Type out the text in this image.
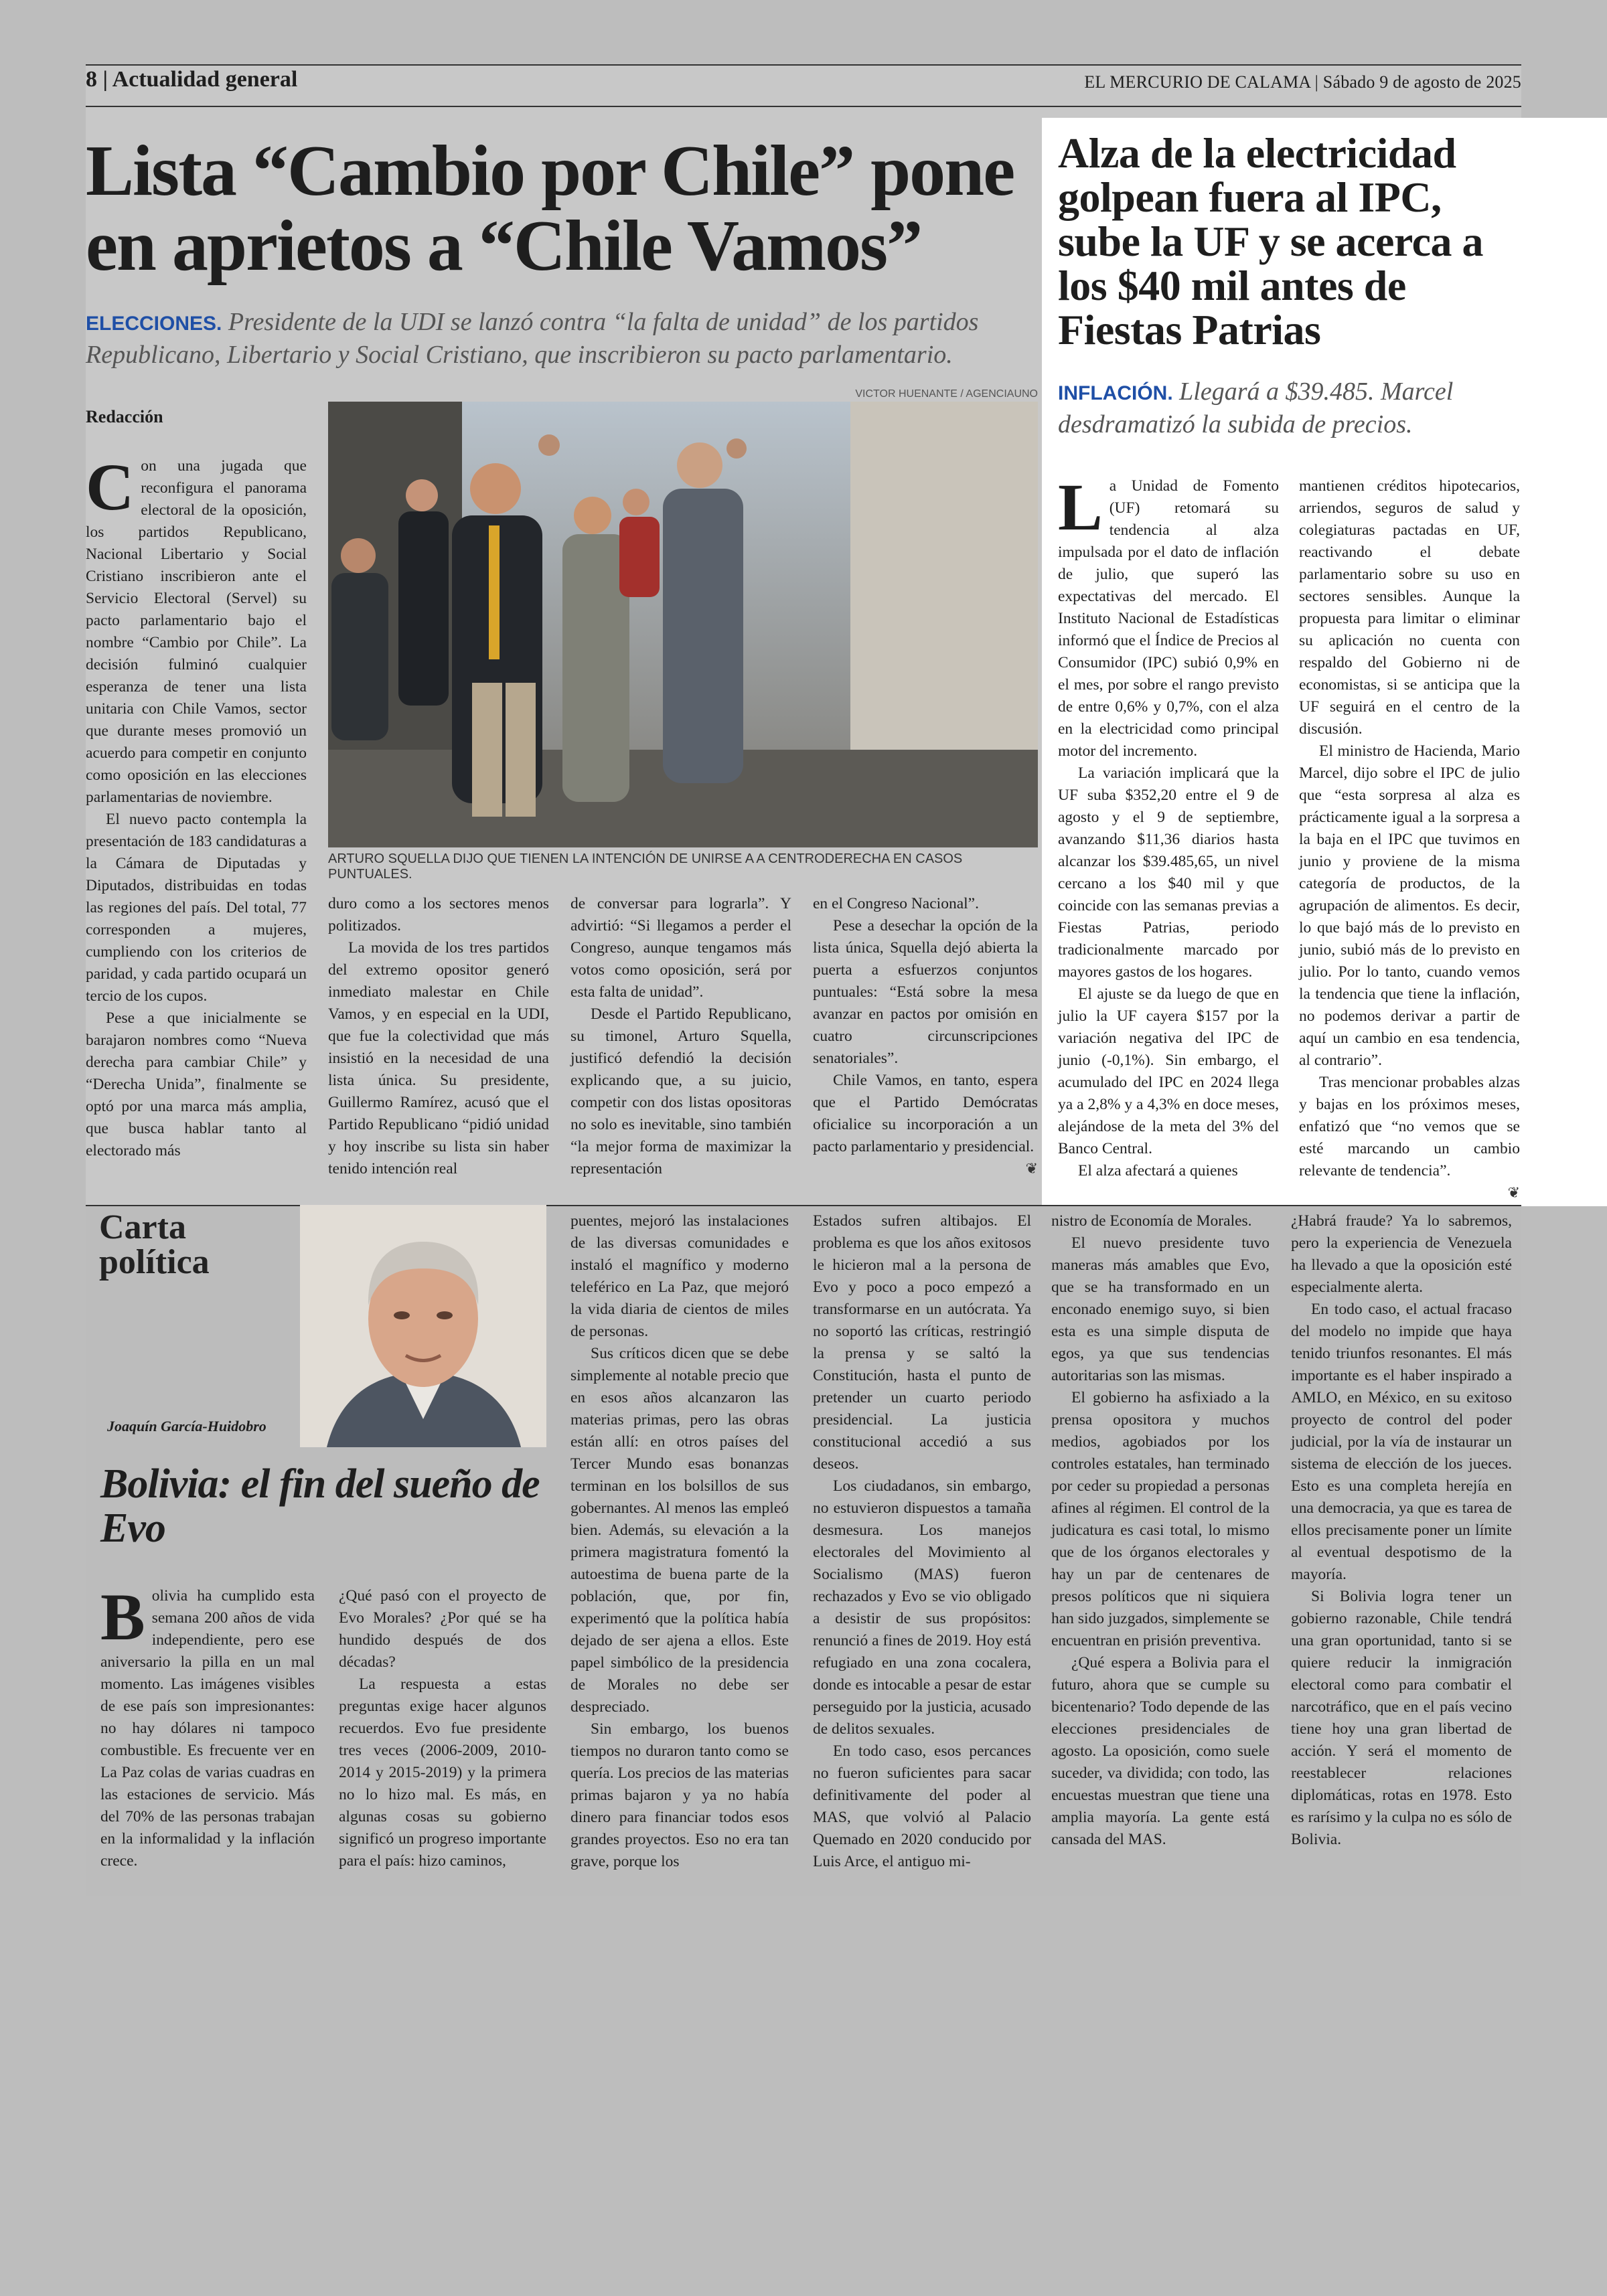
8 | Actualidad general	EL MERCURIO DE CALAMA | Sábado 9 de agosto de 2025
Lista “Cambio por Chile” pone en aprietos a “Chile Vamos”
ELECCIONES. Presidente de la UDI se lanzó contra “la falta de unidad” de los partidos Republicano, Libertario y Social Cristiano, que inscribieron su pacto parlamentario.
Redacción
VICTOR HUENANTE / AGENCIAUNO
ARTURO SQUELLA DIJO QUE TIENEN LA INTENCIÓN DE UNIRSE A A CENTRODERECHA EN CASOS PUNTUALES.
C on una jugada que reconfigura el panorama electoral de la oposición, los partidos Republicano, Nacional Libertario y Social Cristiano inscribieron ante el Servicio Electoral (Servel) su pacto parlamentario bajo el nombre “Cambio por Chile”. La decisión fulminó cualquier esperanza de tener una lista unitaria con Chile Vamos, sector que durante meses promovió un acuerdo para competir en conjunto como oposición en las elecciones parlamentarias de noviembre.

El nuevo pacto contempla la presentación de 183 candidaturas a la Cámara de Diputadas y Diputados, distribuidas en todas las regiones del país. Del total, 77 corresponden a mujeres, cumpliendo con los criterios de paridad, y cada partido ocupará un tercio de los cupos.

Pese a que inicialmente se barajaron nombres como “Nueva derecha para cambiar Chile” y “Derecha Unida”, finalmente se optó por una marca más amplia, que busca hablar tanto al electorado más

duro como a los sectores menos politizados.

La movida de los tres partidos del extremo opositor generó inmediato malestar en Chile Vamos, y en especial en la UDI, que fue la colectividad que más insistió en la necesidad de una lista única. Su presidente, Guillermo Ramírez, acusó que el Partido Republicano “pidió unidad y hoy inscribe su lista sin haber tenido intención real

de conversar para lograrla”. Y advirtió: “Si llegamos a perder el Congreso, aunque tengamos más votos como oposición, será por esta falta de unidad”.

Desde el Partido Republicano, su timonel, Arturo Squella, justificó defendió la decisión explicando que, a su juicio, competir con dos listas opositoras no solo es inevitable, sino también “la mejor forma de maximizar la representación

en el Congreso Nacional”.

Pese a desechar la opción de la lista única, Squella dejó abierta la puerta a esfuerzos conjuntos puntuales: “Está sobre la mesa avanzar en pactos por omisión en cuatro circunscripciones senatoriales”.

Chile Vamos, en tanto, espera que el Partido Demócratas oficialice su incorporación a un pacto parlamentario y presidencial.

❦
Alza de la electricidad golpean fuera al IPC, sube la UF y se acerca a los $40 mil antes de Fiestas Patrias
INFLACIÓN. Llegará a $39.485. Marcel desdramatizó la subida de precios.
L a Unidad de Fomento (UF) retomará su tendencia al alza impulsada por el dato de inflación de julio, que superó las expectativas del mercado. El Instituto Nacional de Estadísticas informó que el Índice de Precios al Consumidor (IPC) subió 0,9% en el mes, por sobre el rango previsto de entre 0,6% y 0,7%, con el alza en la electricidad como principal motor del incremento.

La variación implicará que la UF suba $352,20 entre el 9 de agosto y el 9 de septiembre, avanzando $11,36 diarios hasta alcanzar los $39.485,65, un nivel cercano a los $40 mil y que coincide con las semanas previas a Fiestas Patrias, periodo tradicionalmente marcado por mayores gastos de los hogares.

El ajuste se da luego de que en julio la UF cayera $157 por la variación negativa del IPC de junio (-0,1%). Sin embargo, el acumulado del IPC en 2024 llega ya a 2,8% y a 4,3% en doce meses, alejándose de la meta del 3% del Banco Central.

El alza afectará a quienes

mantienen créditos hipotecarios, arriendos, seguros de salud y colegiaturas pactadas en UF, reactivando el debate parlamentario sobre su uso en sectores sensibles. Aunque la propuesta para limitar o eliminar su aplicación no cuenta con respaldo del Gobierno ni de economistas, si se anticipa que la UF seguirá en el centro de la discusión.

El ministro de Hacienda, Mario Marcel, dijo sobre el IPC de julio que “esta sorpresa al alza es prácticamente igual a la sorpresa a la baja en el IPC que tuvimos en junio y proviene de la misma categoría de productos, de la agrupación de alimentos. Es decir, lo que bajó más de lo previsto en junio, subió más de lo previsto en julio. Por lo tanto, cuando vemos la tendencia que tiene la inflación, no podemos derivar a partir de aquí un cambio en esa tendencia, al contrario”.

Tras mencionar probables alzas y bajas en los próximos meses, enfatizó que “no vemos que se esté marcando un cambio relevante de tendencia”.

❦
Carta política
Joaquín García-Huidobro
Bolivia: el fin del sueño de Evo
B olivia ha cumplido esta semana 200 años de vida independiente, pero ese aniversario la pilla en un mal momento. Las imágenes visibles de ese país son impresionantes: no hay dólares ni tampoco combustible. Es frecuente ver en La Paz colas de varias cuadras en las estaciones de servicio. Más del 70% de las personas trabajan en la informalidad y la inflación crece.

¿Qué pasó con el proyecto de Evo Morales? ¿Por qué se ha hundido después de dos décadas?

La respuesta a estas preguntas exige hacer algunos recuerdos. Evo fue presidente tres veces (2006-2009, 2010-2014 y 2015-2019) y la primera no lo hizo mal. Es más, en algunas cosas su gobierno significó un progreso importante para el país: hizo caminos,

puentes, mejoró las instalaciones de las diversas comunidades e instaló el magnífico y moderno teleférico en La Paz, que mejoró la vida diaria de cientos de miles de personas.

Sus críticos dicen que se debe simplemente al notable precio que en esos años alcanzaron las materias primas, pero las obras están allí: en otros países del Tercer Mundo esas bonanzas terminan en los bolsillos de sus gobernantes. Al menos las empleó bien. Además, su elevación a la primera magistratura fomentó la autoestima de buena parte de la población, que, por fin, experimentó que la política había dejado de ser ajena a ellos. Este papel simbólico de la presidencia de Morales no debe ser despreciado.

Sin embargo, los buenos tiempos no duraron tanto como se quería. Los precios de las materias primas bajaron y ya no había dinero para financiar todos esos grandes proyectos. Eso no era tan grave, porque los

Estados sufren altibajos. El problema es que los años exitosos le hicieron mal a la persona de Evo y poco a poco empezó a transformarse en un autócrata. Ya no soportó las críticas, restringió la prensa y se saltó la Constitución, hasta el punto de pretender un cuarto periodo presidencial. La justicia constitucional accedió a sus deseos.

Los ciudadanos, sin embargo, no estuvieron dispuestos a tamaña desmesura. Los manejos electorales del Movimiento al Socialismo (MAS) fueron rechazados y Evo se vio obligado a desistir de sus propósitos: renunció a fines de 2019. Hoy está refugiado en una zona cocalera, donde es intocable a pesar de estar perseguido por la justicia, acusado de delitos sexuales.

En todo caso, esos percances no fueron suficientes para sacar definitivamente del poder al MAS, que volvió al Palacio Quemado en 2020 conducido por Luis Arce, el antiguo mi-

nistro de Economía de Morales.

El nuevo presidente tuvo maneras más amables que Evo, que se ha transformado en un enconado enemigo suyo, si bien esta es una simple disputa de egos, ya que sus tendencias autoritarias son las mismas.

El gobierno ha asfixiado a la prensa opositora y muchos medios, agobiados por los controles estatales, han terminado por ceder su propiedad a personas afines al régimen. El control de la judicatura es casi total, lo mismo que de los órganos electorales y hay un par de centenares de presos políticos que ni siquiera han sido juzgados, simplemente se encuentran en prisión preventiva.

¿Qué espera a Bolivia para el futuro, ahora que se cumple su bicentenario? Todo depende de las elecciones presidenciales de agosto. La oposición, como suele suceder, va dividida; con todo, las encuestas muestran que tiene una amplia mayoría. La gente está cansada del MAS.

¿Habrá fraude? Ya lo sabremos, pero la experiencia de Venezuela ha llevado a que la oposición esté especialmente alerta.

En todo caso, el actual fracaso del modelo no impide que haya tenido triunfos resonantes. El más importante es el haber inspirado a AMLO, en México, en su exitoso proyecto de control del poder judicial, por la vía de instaurar un sistema de elección de los jueces. Esto es una completa herejía en una democracia, ya que es tarea de ellos precisamente poner un límite al eventual despotismo de la mayoría.

Si Bolivia logra tener un gobierno razonable, Chile tendrá una gran oportunidad, tanto si se quiere reducir la inmigración electoral como para combatir el narcotráfico, que en el país vecino tiene hoy una gran libertad de acción. Y será el momento de reestablecer relaciones diplomáticas, rotas en 1978. Esto es rarísimo y la culpa no es sólo de Bolivia.
